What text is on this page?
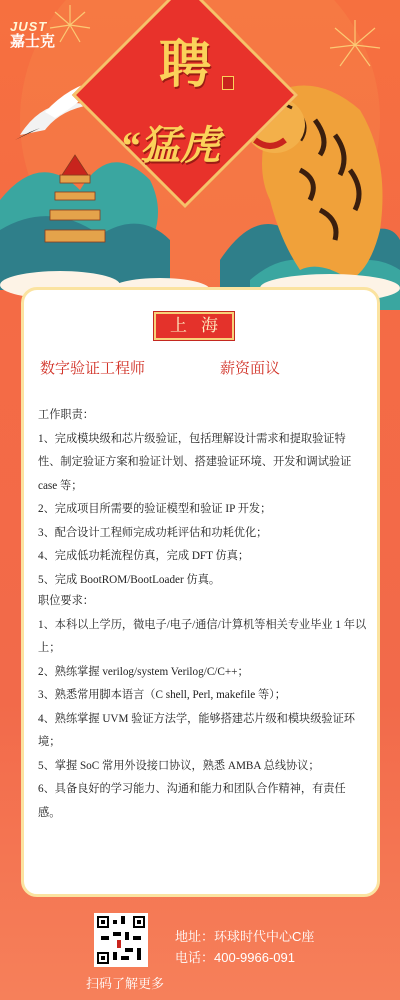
JUST
嘉士克	聘
“猛虎
上海
数字验证工程师	薪资面议
工作职责：
1、完成模块级和芯片级验证，包括理解设计需求和提取验证特性、制定验证方案和验证计划、搭建验证环境、开发和调试验证 case 等；
2、完成项目所需要的验证模型和验证 IP 开发；
3、配合设计工程师完成功耗评估和功耗优化；
4、完成低功耗流程仿真，完成 DFT 仿真；
5、完成 BootROM/BootLoader 仿真。
职位要求：
1、本科以上学历，微电子/电子/通信/计算机等相关专业毕业 1 年以上；
2、熟练掌握 verilog/system Verilog/C/C++；
3、熟悉常用脚本语言（C shell, Perl, makefile 等）；
4、熟练掌握 UVM 验证方法学，能够搭建芯片级和模块级验证环境；
5、掌握 SoC 常用外设接口协议，熟悉 AMBA 总线协议；
6、具备良好的学习能力、沟通和能力和团队合作精神，有责任感。
扫码了解更多
地址：环球时代中心C座
电话：400-9966-091
